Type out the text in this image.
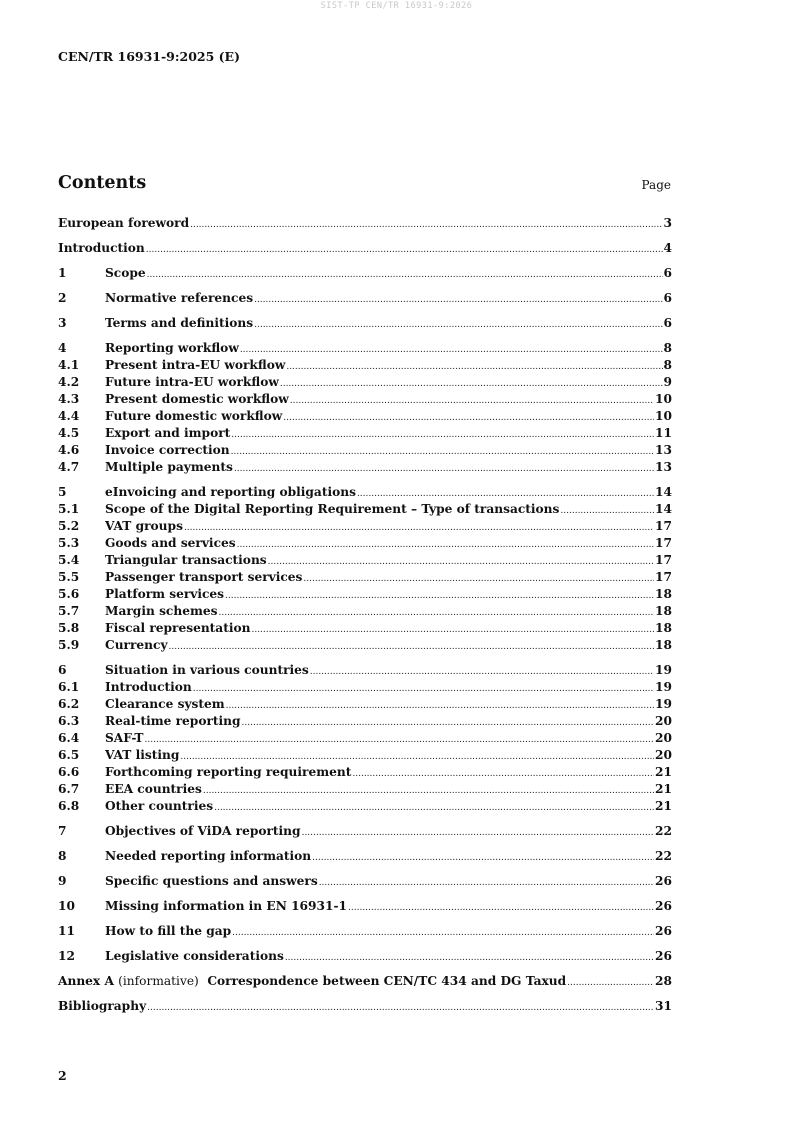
SIST-TP CEN/TR 16931-9:2026
CEN/TR 16931-9:2025 (E)
Contents	Page
European foreword .....	3
Introduction .....	4
1	Scope .....	6
2	Normative references .....	6
3	Terms and definitions .....	6
4	Reporting workflow .....	8
4.1	Present intra-EU workflow .....	8
4.2	Future intra-EU workflow .....	9
4.3	Present domestic workflow .....	10
4.4	Future domestic workflow .....	10
4.5	Export and import .....	11
4.6	Invoice correction .....	13
4.7	Multiple payments .....	13
5	eInvoicing and reporting obligations .....	14
5.1	Scope of the Digital Reporting Requirement – Type of transactions .....	14
5.2	VAT groups .....	17
5.3	Goods and services .....	17
5.4	Triangular transactions .....	17
5.5	Passenger transport services .....	17
5.6	Platform services .....	18
5.7	Margin schemes .....	18
5.8	Fiscal representation .....	18
5.9	Currency .....	18
6	Situation in various countries .....	19
6.1	Introduction .....	19
6.2	Clearance system .....	19
6.3	Real-time reporting .....	20
6.4	SAF-T .....	20
6.5	VAT listing .....	20
6.6	Forthcoming reporting requirement .....	21
6.7	EEA countries .....	21
6.8	Other countries .....	21
7	Objectives of ViDA reporting .....	22
8	Needed reporting information .....	22
9	Specific questions and answers .....	26
10	Missing information in EN 16931-1 .....	26
11	How to fill the gap .....	26
12	Legislative considerations .....	26
Annex A (informative) Correspondence between CEN/TC 434 and DG Taxud .....	28
Bibliography .....	31
2
